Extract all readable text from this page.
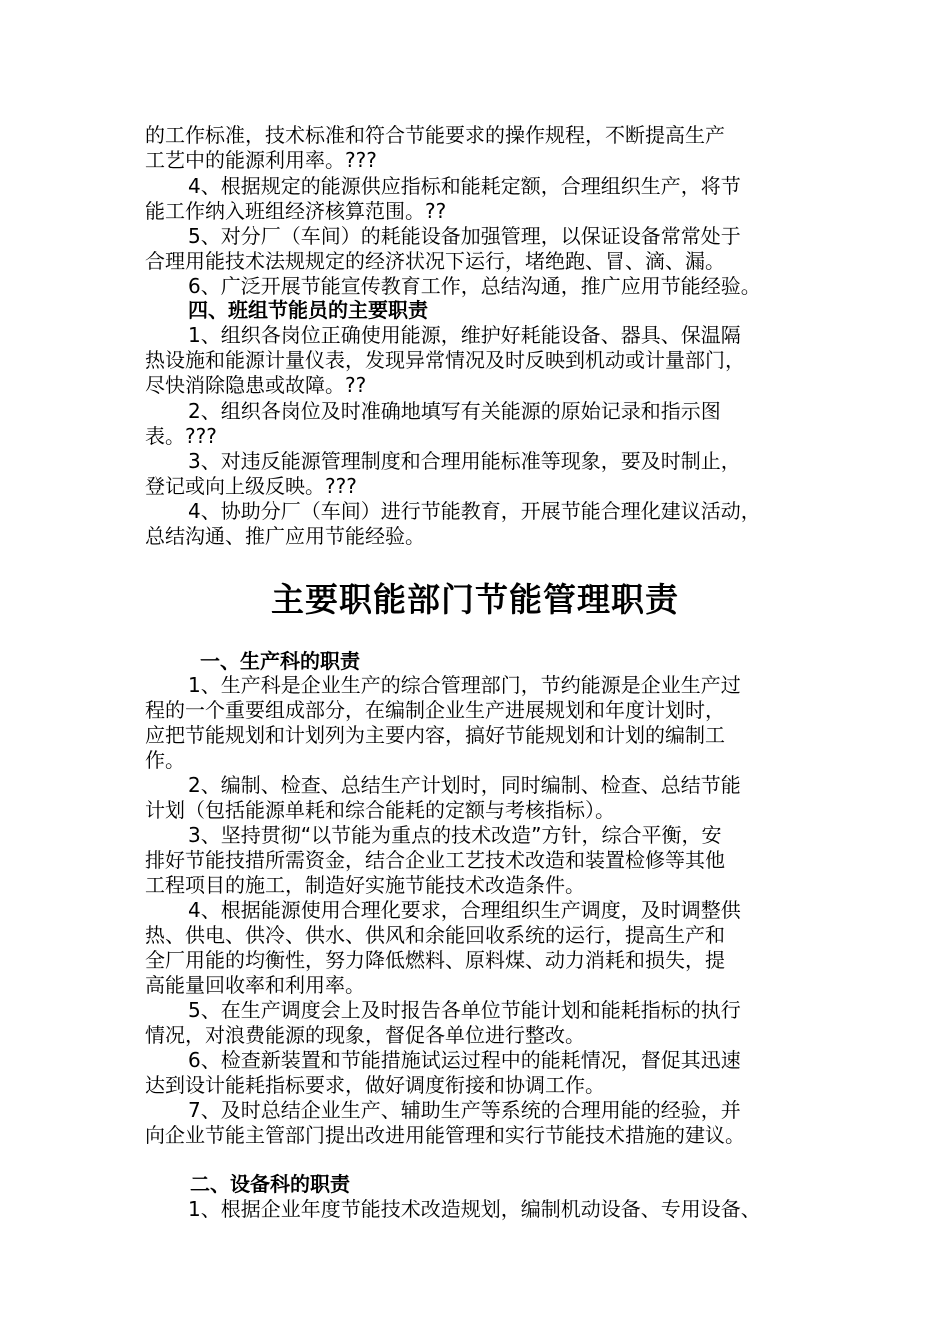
的工作标准，技术标准和符合节能要求的操作规程，不断提高生产
工艺中的能源利用率。???
4、根据规定的能源供应指标和能耗定额，合理组织生产，将节
能工作纳入班组经济核算范围。??
5、对分厂（车间）的耗能设备加强管理，以保证设备常常处于
合理用能技术法规规定的经济状况下运行，堵绝跑、冒、滴、漏。
6、广泛开展节能宣传教育工作，总结沟通，推广应用节能经验。
四、班组节能员的主要职责
1、组织各岗位正确使用能源，维护好耗能设备、器具、保温隔
热设施和能源计量仪表，发现异常情况及时反映到机动或计量部门，
尽快消除隐患或故障。??
2、组织各岗位及时准确地填写有关能源的原始记录和指示图
表。???
3、对违反能源管理制度和合理用能标准等现象，要及时制止，
登记或向上级反映。???
4、协助分厂（车间）进行节能教育，开展节能合理化建议活动，
总结沟通、推广应用节能经验。
主要职能部门节能管理职责
一、生产科的职责
1、生产科是企业生产的综合管理部门，节约能源是企业生产过
程的一个重要组成部分，在编制企业生产进展规划和年度计划时，
应把节能规划和计划列为主要内容，搞好节能规划和计划的编制工
作。
2、编制、检查、总结生产计划时，同时编制、检查、总结节能
计划（包括能源单耗和综合能耗的定额与考核指标）。
3、坚持贯彻“以节能为重点的技术改造”方针，综合平衡，安
排好节能技措所需资金，结合企业工艺技术改造和装置检修等其他
工程项目的施工，制造好实施节能技术改造条件。
4、根据能源使用合理化要求，合理组织生产调度，及时调整供
热、供电、供冷、供水、供风和余能回收系统的运行，提高生产和
全厂用能的均衡性，努力降低燃料、原料煤、动力消耗和损失，提
高能量回收率和利用率。
5、在生产调度会上及时报告各单位节能计划和能耗指标的执行
情况，对浪费能源的现象，督促各单位进行整改。
6、检查新装置和节能措施试运过程中的能耗情况，督促其迅速
达到设计能耗指标要求，做好调度衔接和协调工作。
7、及时总结企业生产、辅助生产等系统的合理用能的经验，并
向企业节能主管部门提出改进用能管理和实行节能技术措施的建议。
二、设备科的职责
1、根据企业年度节能技术改造规划，编制机动设备、专用设备、
